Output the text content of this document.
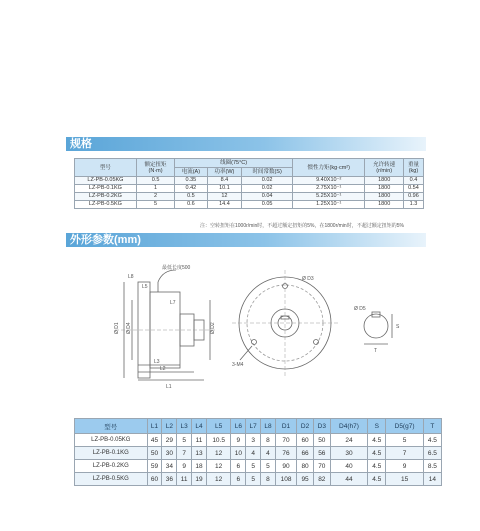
规格
型号	额定扭矩
(N·m)	线圈(75°C)			惯性力矩(kg·cm²)	允许转速
(r/min)	重量
(kg)
		电流(A)	功率(W)	时间常数(S)			
LZ-PB-0.05KG	0.5	0.35	8.4	0.02	9.40X10⁻²	1800	0.4
LZ-PB-0.1KG	1	0.42	10.1	0.02	2.75X10⁻¹	1800	0.54
LZ-PB-0.2KG	2	0.5	12	0.04	5.25X10⁻¹	1800	0.96
LZ-PB-0.5KG	5	0.6	14.4	0.05	1.25X10⁻¹	1800	1.3
注：空转扭矩在1000r/min时，不超过额定扭矩的5%，在1800r/min时，不超过额定扭矩的5%
外形参数(mm)
最低长度500
L8
L5
L7
Ø D1 Ø D4	Ø D2
L3
L2
L1
3-M4
Ø D3
Ø D5
S
T
型号	L1	L2	L3	L4	L5	L6	L7	L8	D1	D2	D3	D4(h7)	S	D5(g7)	T
LZ-PB-0.05KG	45	29	5	11	10.5	9	3	8	70	60	50	24	4.5	5	4.5
LZ-PB-0.1KG	50	30	7	13	12	10	4	4	76	66	56	30	4.5	7	6.5
LZ-PB-0.2KG	59	34	9	18	12	6	5	5	90	80	70	40	4.5	9	8.5
LZ-PB-0.5KG	60	36	11	19	12	6	5	8	108	95	82	44	4.5	15	14
